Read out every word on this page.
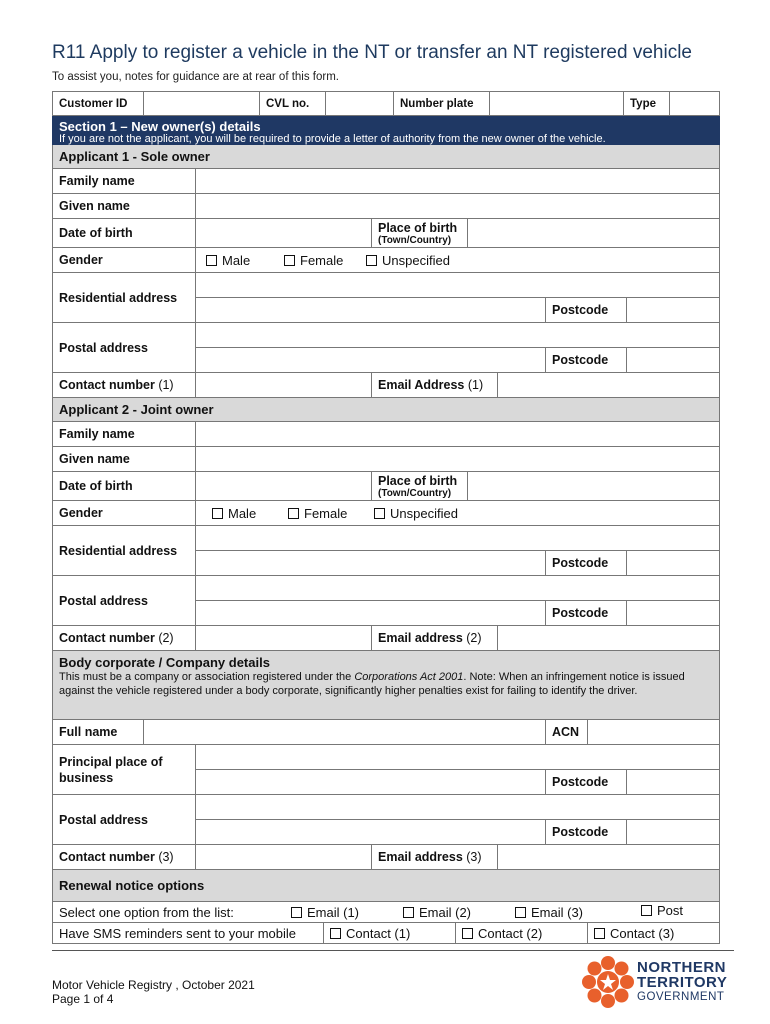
R11 Apply to register a vehicle in the NT or transfer an NT registered vehicle
To assist you, notes for guidance are at rear of this form.
Customer ID	CVL no.	Number plate	Type
Section 1 – New owner(s) details
If you are not the applicant, you will be required to provide a letter of authority from the new owner of the vehicle.
Applicant 1 - Sole owner
Family name
Given name
Date of birth	Place of birth
(Town/Country)
Gender	Male	Female	Unspecified
Residential address
Postcode
Postal address
Postcode
Contact number (1)	Email Address (1)
Applicant 2 - Joint owner
Family name
Given name
Date of birth	Place of birth
(Town/Country)
Gender	Male	Female	Unspecified
Residential address
Postcode
Postal address
Postcode
Contact number (2)	Email address (2)
Body corporate / Company details
This must be a company or association registered under the Corporations Act 2001. Note: When an infringement notice is issued against the vehicle registered under a body corporate, significantly higher penalties exist for failing to identify the driver.
Full name	ACN
Principal place of
business	Postcode
Postal address
Postcode
Contact number (3)	Email address (3)
Renewal notice options
Select one option from the list:	Email (1)	Email (2)	Email (3)	Post
Have SMS reminders sent to your mobile	Contact (1)	Contact (2)	Contact (3)
Motor Vehicle Registry , October 2021
Page 1 of 4
NORTHERN
TERRITORY
GOVERNMENT
